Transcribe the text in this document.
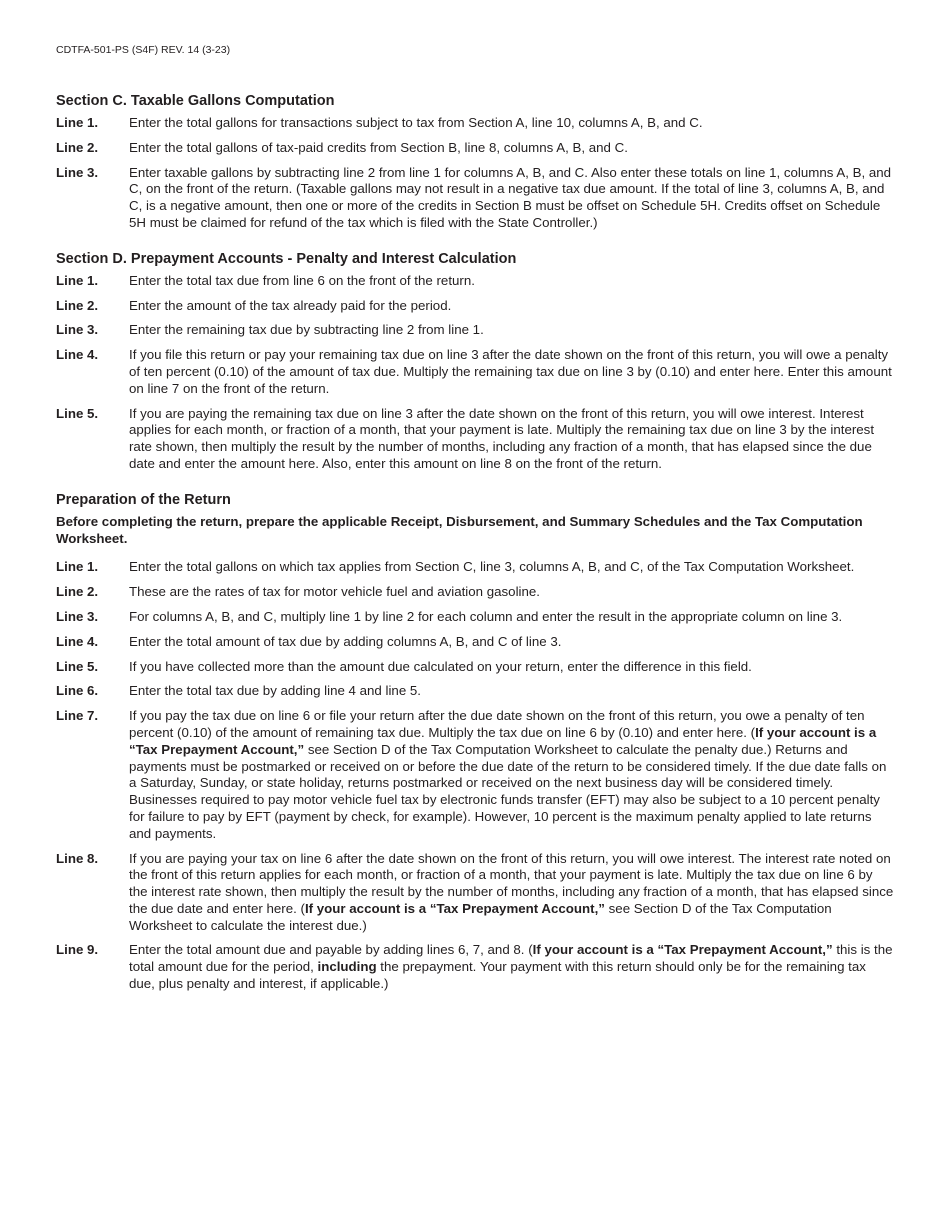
CDTFA-501-PS (S4F) REV. 14 (3-23)
Section C. Taxable Gallons Computation
Line 1.	Enter the total gallons for transactions subject to tax from Section A, line 10, columns A, B, and C.
Line 2.	Enter the total gallons of tax-paid credits from Section B, line 8, columns A, B, and C.
Line 3.	Enter taxable gallons by subtracting line 2 from line 1 for columns A, B, and C. Also enter these totals on line 1, columns A, B, and C, on the front of the return. (Taxable gallons may not result in a negative tax due amount. If the total of line 3, columns A, B, and C, is a negative amount, then one or more of the credits in Section B must be offset on Schedule 5H. Credits offset on Schedule 5H must be claimed for refund of the tax which is filed with the State Controller.)
Section D. Prepayment Accounts - Penalty and Interest Calculation
Line 1.	Enter the total tax due from line 6 on the front of the return.
Line 2.	Enter the amount of the tax already paid for the period.
Line 3.	Enter the remaining tax due by subtracting line 2 from line 1.
Line 4.	If you file this return or pay your remaining tax due on line 3 after the date shown on the front of this return, you will owe a penalty of ten percent (0.10) of the amount of tax due. Multiply the remaining tax due on line 3 by (0.10) and enter here. Enter this amount on line 7 on the front of the return.
Line 5.	If you are paying the remaining tax due on line 3 after the date shown on the front of this return, you will owe interest. Interest applies for each month, or fraction of a month, that your payment is late. Multiply the remaining tax due on line 3 by the interest rate shown, then multiply the result by the number of months, including any fraction of a month, that has elapsed since the due date and enter the amount here. Also, enter this amount on line 8 on the front of the return.
Preparation of the Return

Before completing the return, prepare the applicable Receipt, Disbursement, and Summary Schedules and the Tax Computation Worksheet.

Line 1.	Enter the total gallons on which tax applies from Section C, line 3, columns A, B, and C, of the Tax Computation Worksheet.
Line 2.	These are the rates of tax for motor vehicle fuel and aviation gasoline.
Line 3.	For columns A, B, and C, multiply line 1 by line 2 for each column and enter the result in the appropriate column on line 3.
Line 4.	Enter the total amount of tax due by adding columns A, B, and C of line 3.
Line 5.	If you have collected more than the amount due calculated on your return, enter the difference in this field.
Line 6.	Enter the total tax due by adding line 4 and line 5.
Line 7.	If you pay the tax due on line 6 or file your return after the due date shown on the front of this return, you owe a penalty of ten percent (0.10) of the amount of remaining tax due. Multiply the tax due on line 6 by (0.10) and enter here. (If your account is a “Tax Prepayment Account,” see Section D of the Tax Computation Worksheet to calculate the penalty due.) Returns and payments must be postmarked or received on or before the due date of the return to be considered timely. If the due date falls on a Saturday, Sunday, or state holiday, returns postmarked or received on the next business day will be considered timely. Businesses required to pay motor vehicle fuel tax by electronic funds transfer (EFT) may also be subject to a 10 percent penalty for failure to pay by EFT (payment by check, for example). However, 10 percent is the maximum penalty applied to late returns and payments.
Line 8.	If you are paying your tax on line 6 after the date shown on the front of this return, you will owe interest. The interest rate noted on the front of this return applies for each month, or fraction of a month, that your payment is late. Multiply the tax due on line 6 by the interest rate shown, then multiply the result by the number of months, including any fraction of a month, that has elapsed since the due date and enter here. (If your account is a “Tax Prepayment Account,” see Section D of the Tax Computation Worksheet to calculate the interest due.)
Line 9.	Enter the total amount due and payable by adding lines 6, 7, and 8. (If your account is a “Tax Prepayment Account,” this is the total amount due for the period, including the prepayment. Your payment with this return should only be for the remaining tax due, plus penalty and interest, if applicable.)
